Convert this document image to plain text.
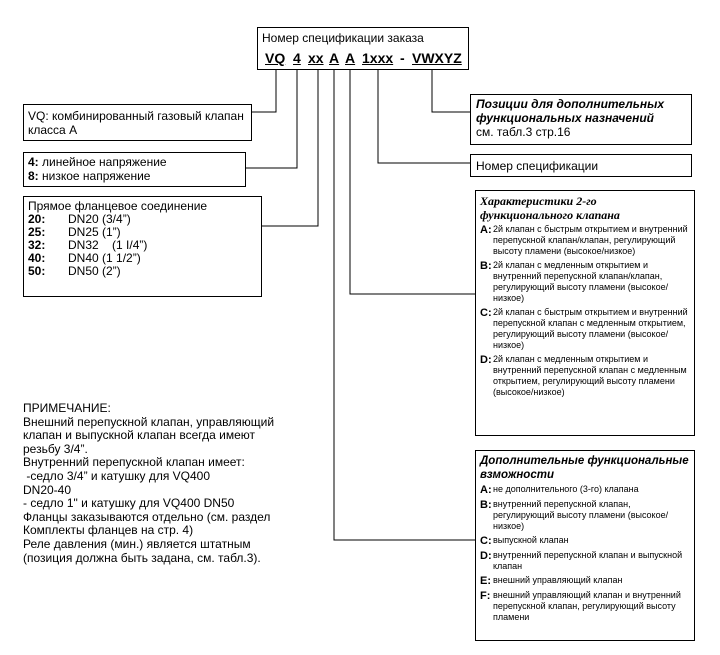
Номер спецификации заказа
VQ 4 xx A A 1xxx - VWXYZ
VQ: комбинированный газовый клапан класса А
4:
линейное напряжение
8:
низкое напряжение
Прямое фланцевое соединение
20:	DN20 (3/4”)
25:	DN25 (1”)
32:	DN32    (1 I/4”)
40:	DN40 (1 1/2”)
50:	DN50 (2”)
Позиции для дополнительных функциональных назначений
см. табл.3 стр.16
Номер спецификации
Характеристики 2-го функционального клапана
A: 2й клапан с быстрым открытием и внутренний перепускной клапан/клапан, регулирующий высоту пламени (высокое/низкое)
B: 2й клапан с медленным открытием и внутренний перепускной клапан/клапан, регулирующий высоту пламени (высокое/низкое)
C: 2й клапан с быстрым открытием и внутренний перепускной клапан с медленным открытием, регулирующий высоту пламени (высокое/низкое)
D: 2й клапан с медленным открытием и внутренний перепускной клапан с медленным открытием, регулирующий высоту пламени (высокое/низкое)
Дополнительные функциональные взможности
A: не дополнительного (3-го) клапана
B: внутренний перепускной клапан, регулирующий высоту пламени (высокое/низкое)
C: выпускной клапан
D: внутренний перепускной клапан и выпускной клапан
E: внешний управляющий клапан
F: внешний управляющий клапан и внутренний перепускной клапан, регулирующий высоту пламени
ПРИМЕЧАНИЕ:
Внешний перепускной клапан, управляющий
клапан и выпускной клапан всегда имеют
резьбу 3/4”.
Внутренний перепускной клапан имеет:
-седло 3/4” и катушку для VQ400
DN20-40
- седло 1" и катушку для VQ400 DN50
Фланцы заказываются отдельно (см. раздел
Комплекты фланцев на стр. 4)
Реле давления (мин.) является штатным
(позиция должна быть задана, см. табл.3).
